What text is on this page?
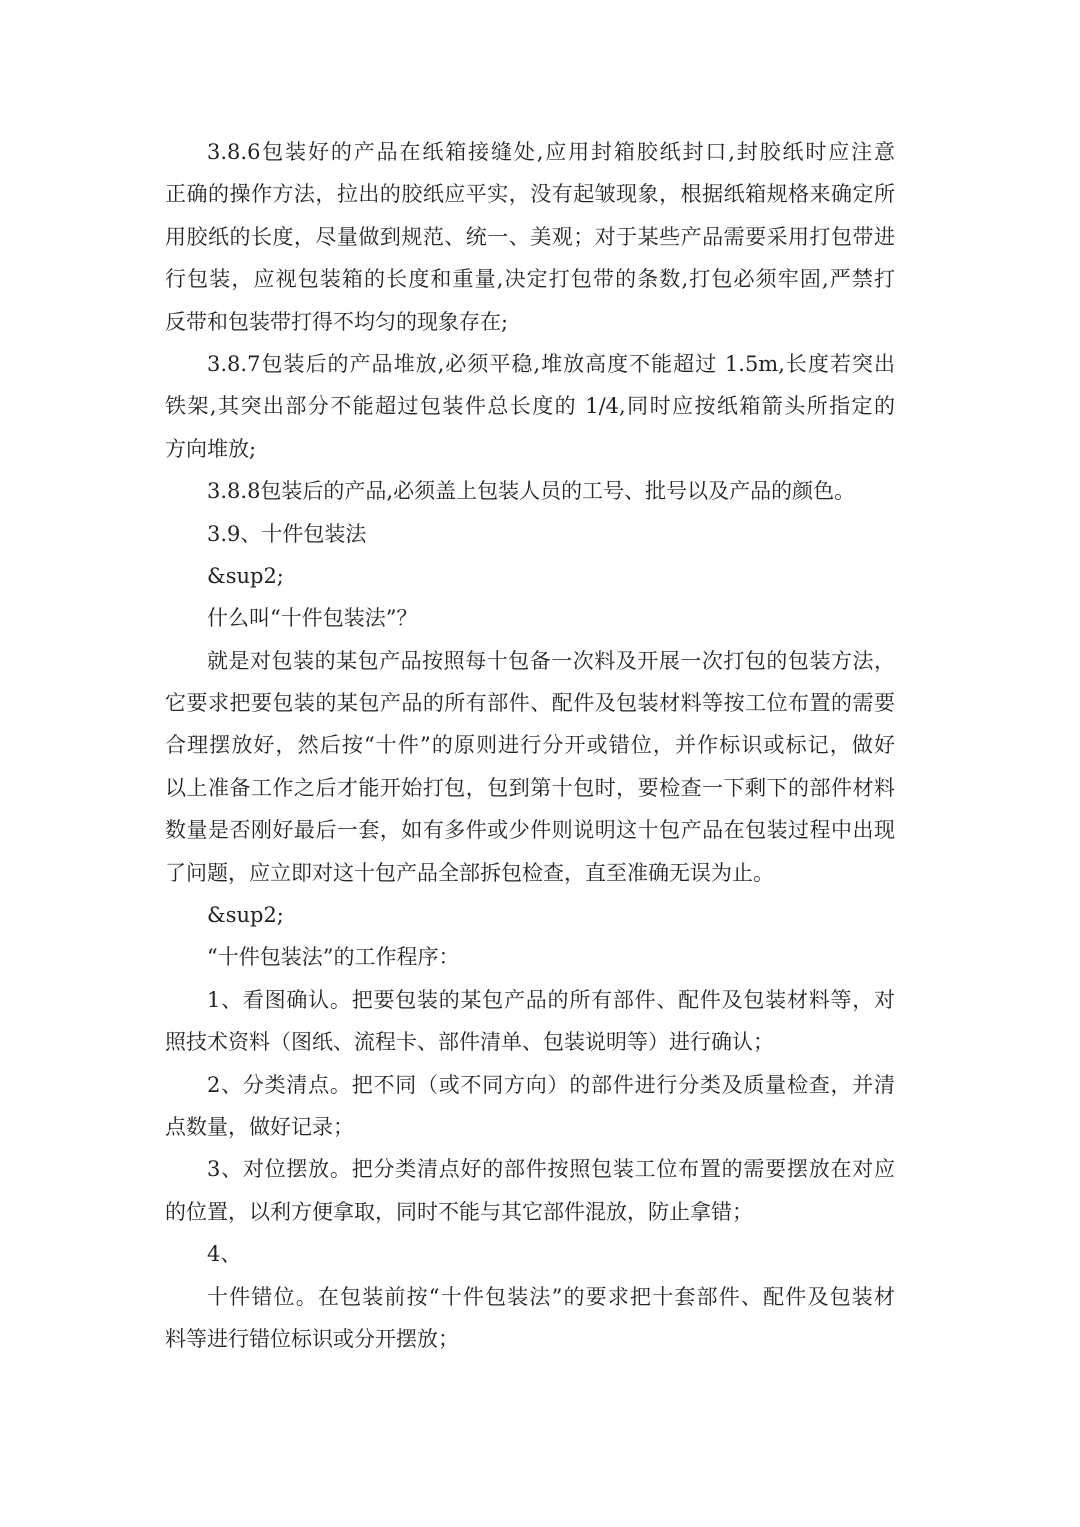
3.8.6包装好的产品在纸箱接缝处,应用封箱胶纸封口,封胶纸时应注意
正确的操作方法，拉出的胶纸应平实，没有起皱现象，根据纸箱规格来确定所
用胶纸的长度，尽量做到规范、统一、美观；对于某些产品需要采用打包带进
行包装，应视包装箱的长度和重量,决定打包带的条数,打包必须牢固,严禁打
反带和包装带打得不均匀的现象存在;
3.8.7包装后的产品堆放,必须平稳,堆放高度不能超过 1.5m,长度若突出
铁架,其突出部分不能超过包装件总长度的 1/4,同时应按纸箱箭头所指定的
方向堆放;
3.8.8包装后的产品,必须盖上包装人员的工号、批号以及产品的颜色。
3.9、十件包装法
&sup2;
什么叫“十件包装法”？
就是对包装的某包产品按照每十包备一次料及开展一次打包的包装方法，
它要求把要包装的某包产品的所有部件、配件及包装材料等按工位布置的需要
合理摆放好，然后按“十件”的原则进行分开或错位，并作标识或标记，做好
以上准备工作之后才能开始打包，包到第十包时，要检查一下剩下的部件材料
数量是否刚好最后一套，如有多件或少件则说明这十包产品在包装过程中出现
了问题，应立即对这十包产品全部拆包检查，直至准确无误为止。
&sup2;
“十件包装法”的工作程序：
1、看图确认。把要包装的某包产品的所有部件、配件及包装材料等，对
照技术资料（图纸、流程卡、部件清单、包装说明等）进行确认；
2、分类清点。把不同（或不同方向）的部件进行分类及质量检查，并清
点数量，做好记录；
3、对位摆放。把分类清点好的部件按照包装工位布置的需要摆放在对应
的位置，以利方便拿取，同时不能与其它部件混放，防止拿错；
4、
十件错位。在包装前按“十件包装法”的要求把十套部件、配件及包装材
料等进行错位标识或分开摆放；
